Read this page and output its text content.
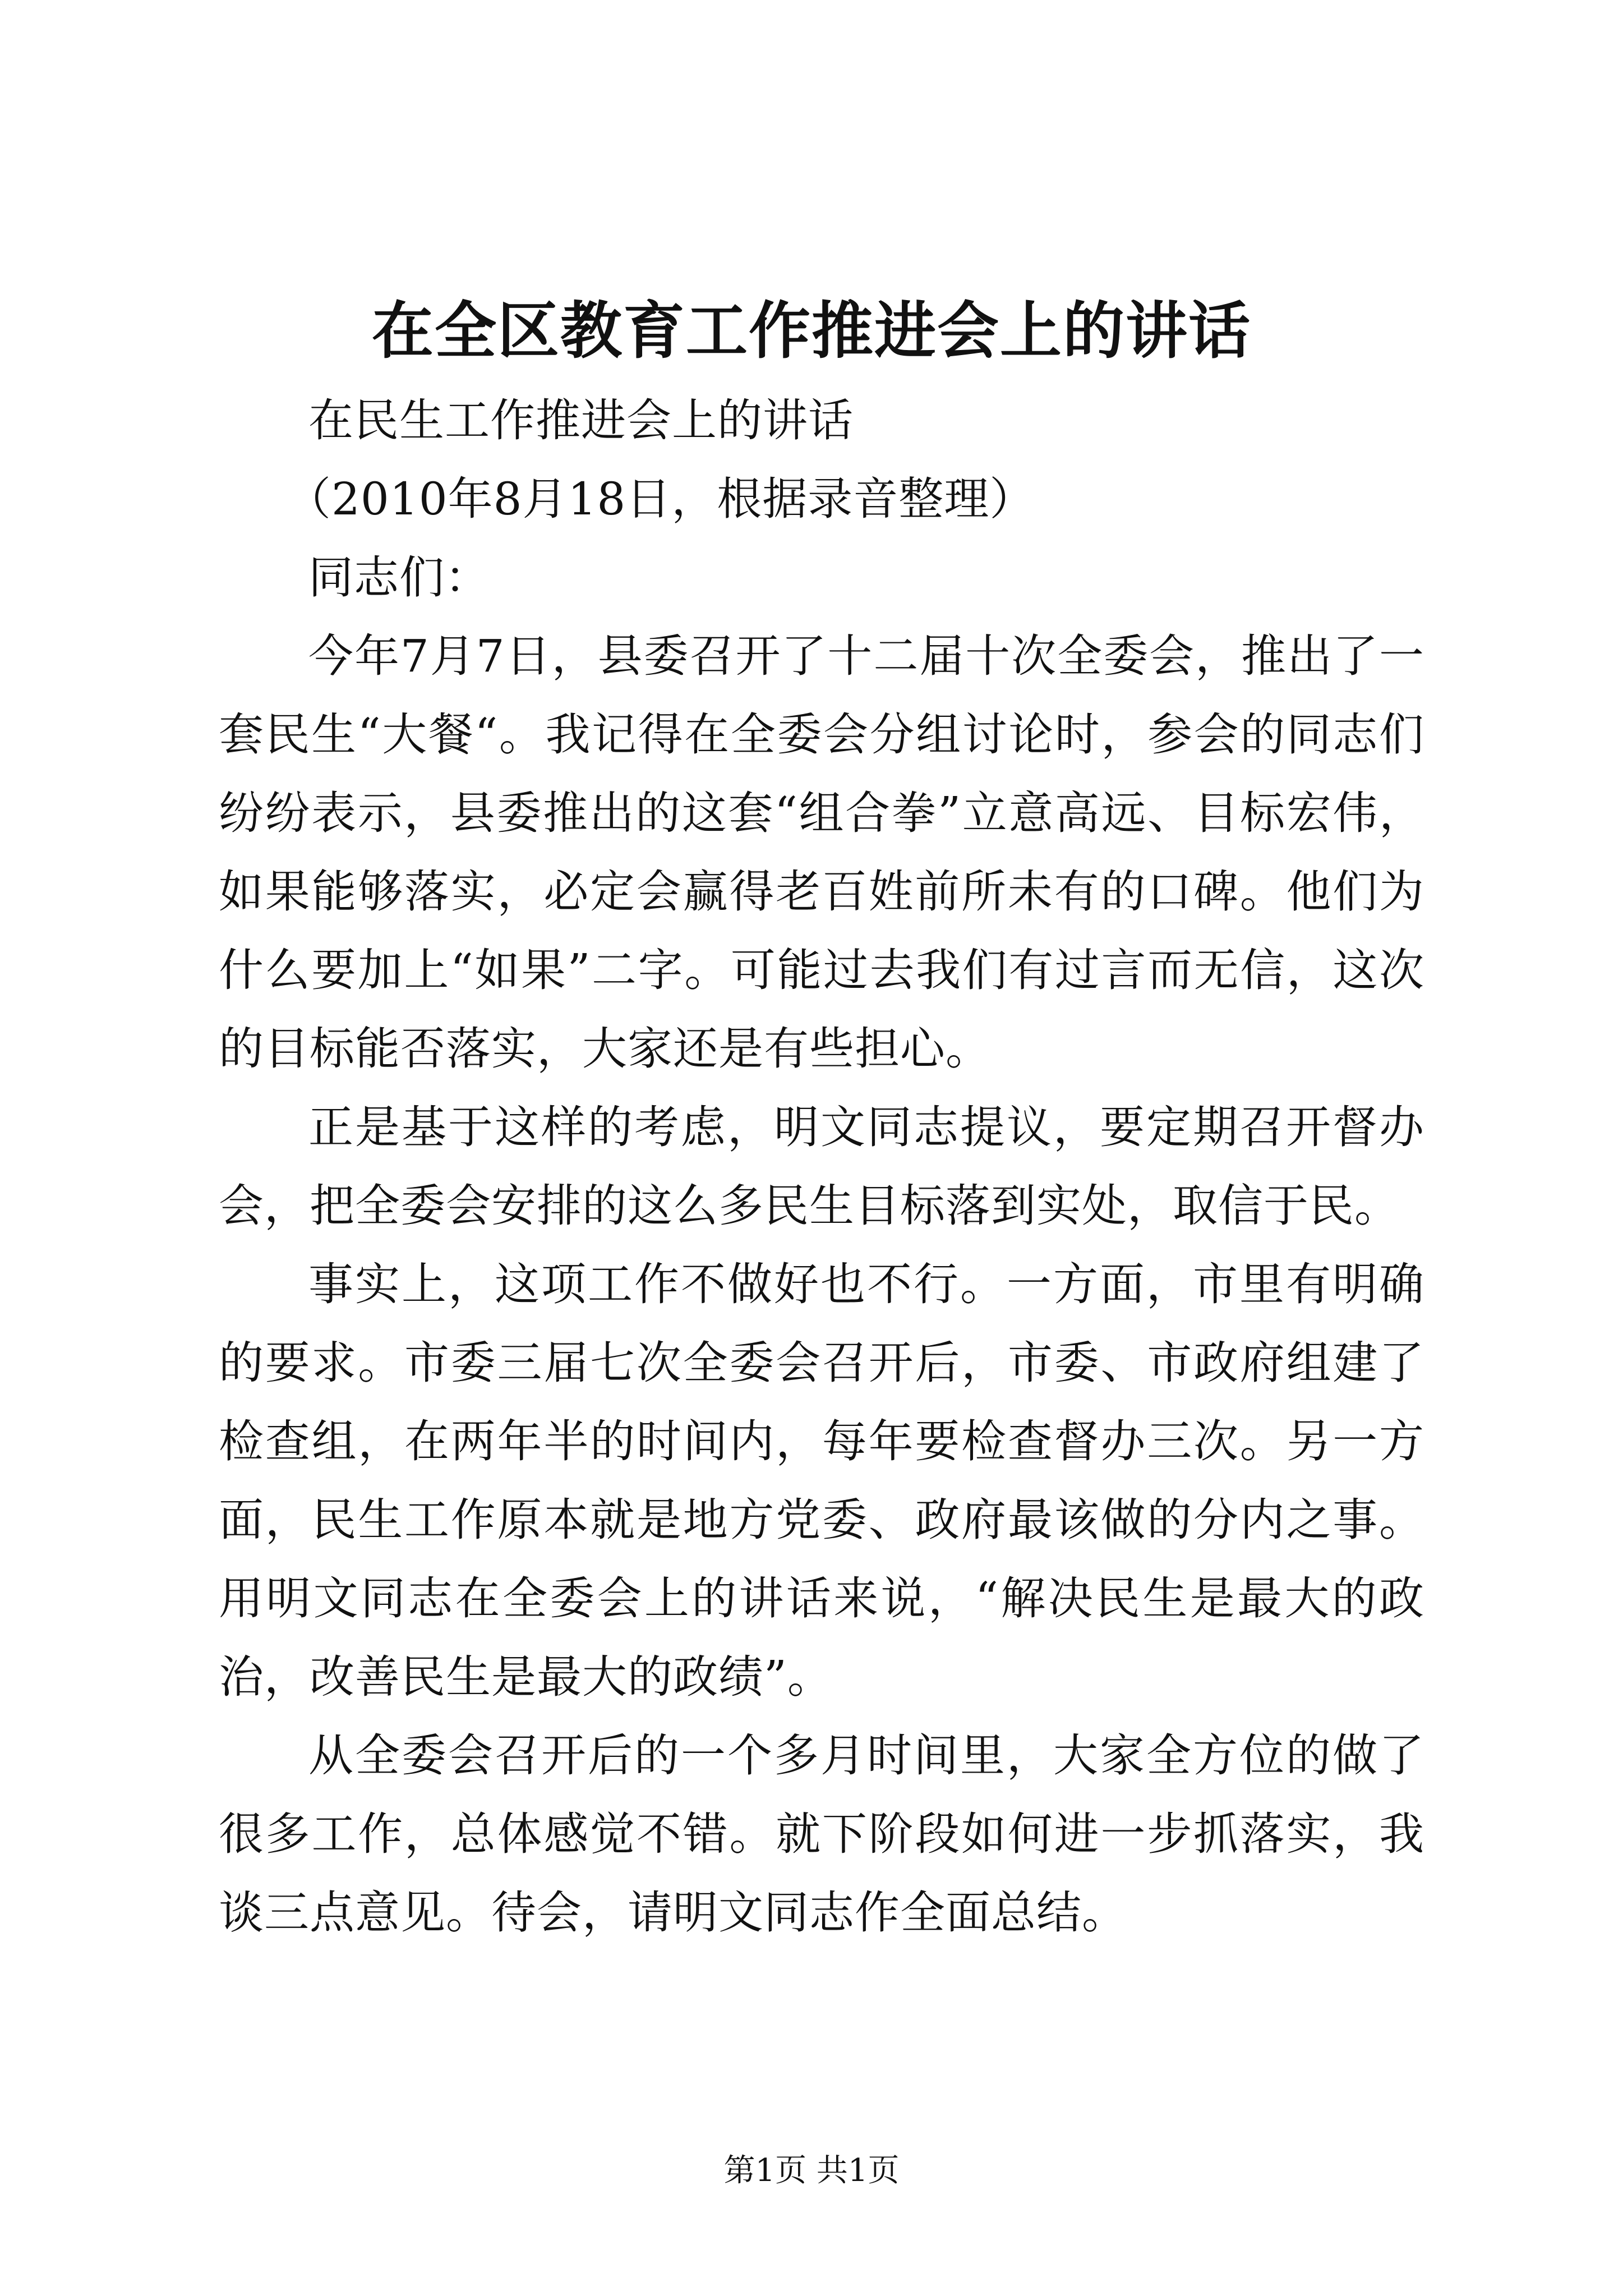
在全区教育工作推进会上的讲话

在民生工作推进会上的讲话

（2010年8月18日，根据录音整理）

同志们：

今年7月7日，县委召开了十二届十次全委会，推出了一套民生“大餐“。我记得在全委会分组讨论时，参会的同志们纷纷表示，县委推出的这套“组合拳”立意高远、目标宏伟，如果能够落实，必定会赢得老百姓前所未有的口碑。他们为什么要加上“如果”二字。可能过去我们有过言而无信，这次的目标能否落实，大家还是有些担心。

正是基于这样的考虑，明文同志提议，要定期召开督办会，把全委会安排的这么多民生目标落到实处，取信于民。

事实上，这项工作不做好也不行。一方面，市里有明确的要求。市委三届七次全委会召开后，市委、市政府组建了检查组，在两年半的时间内，每年要检查督办三次。另一方面，民生工作原本就是地方党委、政府最该做的分内之事。用明文同志在全委会上的讲话来说，“解决民生是最大的政治，改善民生是最大的政绩”。

从全委会召开后的一个多月时间里，大家全方位的做了很多工作，总体感觉不错。就下阶段如何进一步抓落实，我谈三点意见。待会，请明文同志作全面总结。

第1页 共1页
